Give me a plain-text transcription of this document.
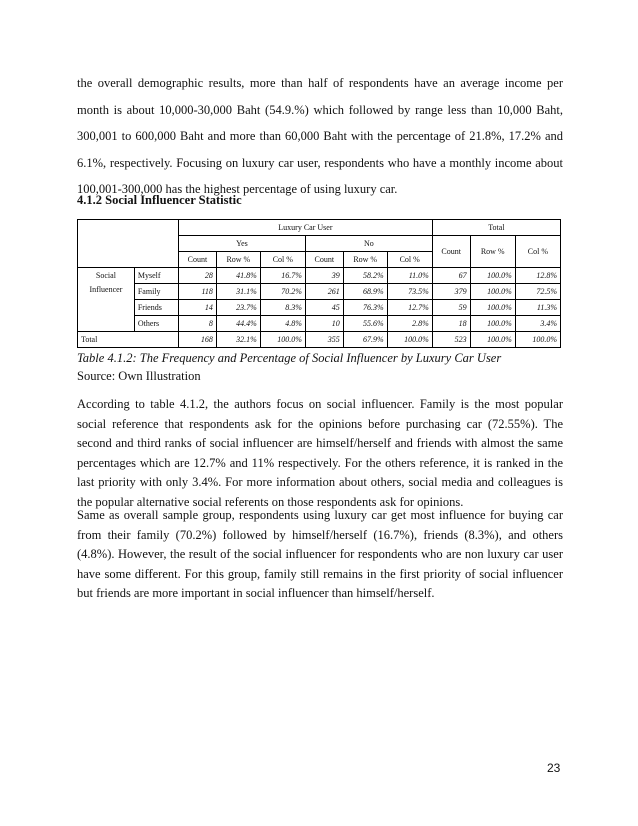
the overall demographic results, more than half of respondents have an average income per month is about 10,000-30,000 Baht (54.9.%) which followed by range less than 10,000 Baht, 300,001 to 600,000 Baht and more than 60,000 Baht with the percentage of 21.8%, 17.2% and 6.1%, respectively. Focusing on luxury car user, respondents who have a monthly income about 100,001-300,000 has the highest percentage of using luxury car.

4.1.2 Social Influencer Statistic

		Luxury Car User						Total		
		Yes			No			Count	Row %	Col %
		Count	Row %	Col %	Count	Row %	Col %			
Social
Influencer	Myself	28	41.8%	16.7%	39	58.2%	11.0%	67	100.0%	12.8%
	Family	118	31.1%	70.2%	261	68.9%	73.5%	379	100.0%	72.5%
	Friends	14	23.7%	8.3%	45	76.3%	12.7%	59	100.0%	11.3%
	Others	8	44.4%	4.8%	10	55.6%	2.8%	18	100.0%	3.4%
Total		168	32.1%	100.0%	355	67.9%	100.0%	523	100.0%	100.0%

Table 4.1.2: The Frequency and Percentage of Social Influencer by Luxury Car User

Source: Own Illustration

According to table 4.1.2, the authors focus on social influencer. Family is the most popular social reference that respondents ask for the opinions before purchasing car (72.55%). The second and third ranks of social influencer are himself/herself and friends with almost the same percentages which are 12.7% and 11% respectively. For the others reference, it is ranked in the last priority with only 3.4%. For more information about others, social media and colleagues is the popular alternative social referents on those respondents ask for opinions.

Same as overall sample group, respondents using luxury car get most influence for buying car from their family (70.2%) followed by himself/herself (16.7%), friends (8.3%), and others (4.8%). However, the result of the social influencer for respondents who are non luxury car user have some different. For this group, family still remains in the first priority of social influencer but friends are more important in social influencer than himself/herself.

23
